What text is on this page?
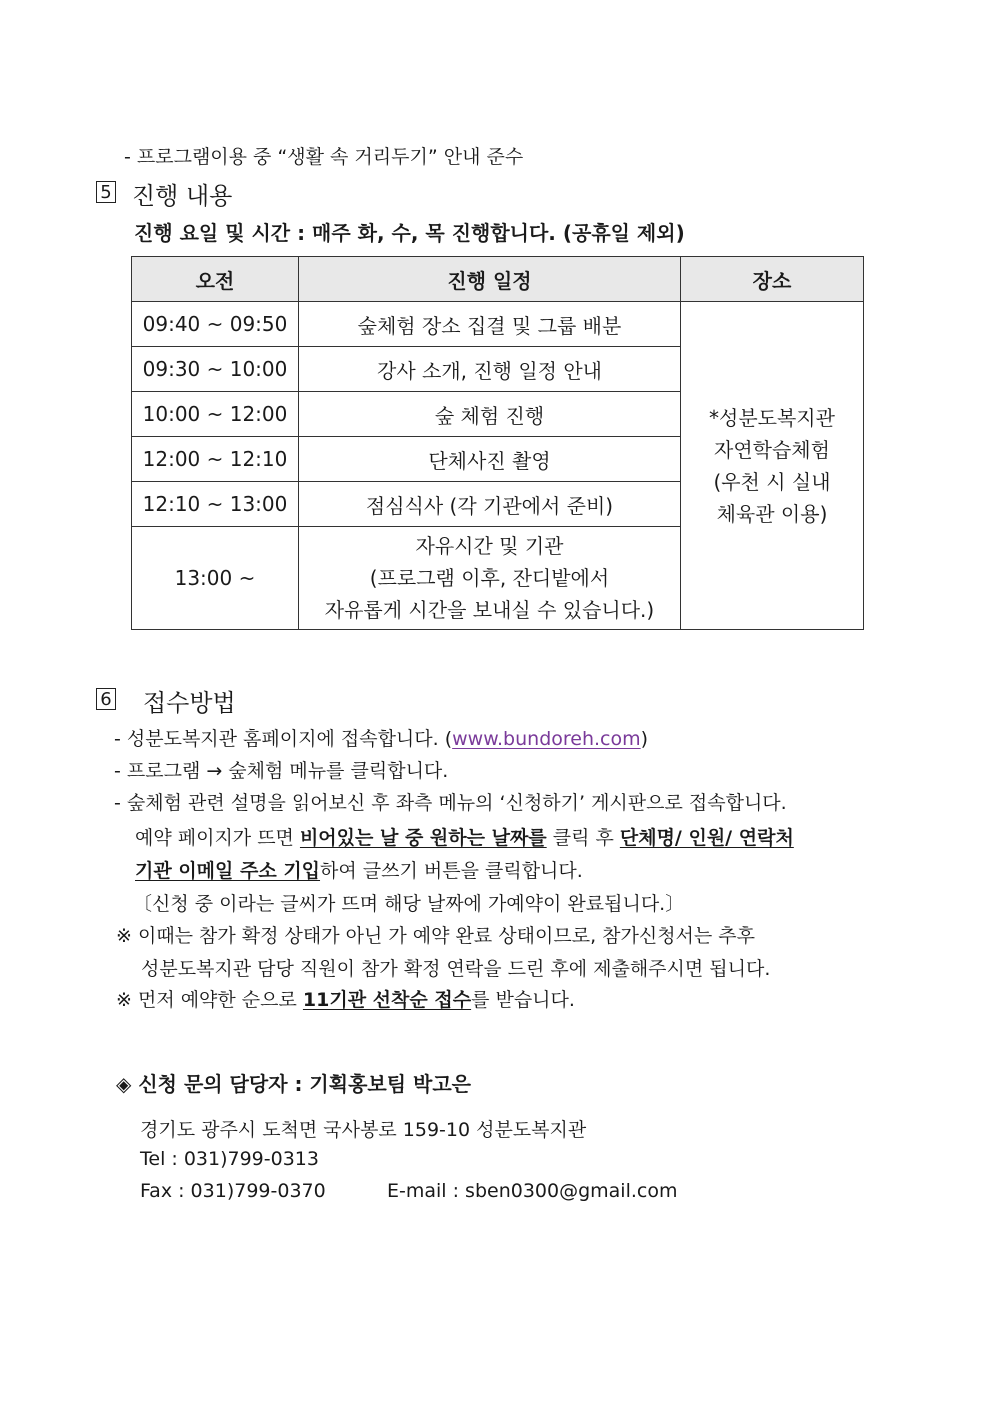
- 프로그램이용 중 “생활 속 거리두기” 안내 준수
5 진행 내용
진행 요일 및 시간 : 매주 화, 수, 목 진행합니다. (공휴일 제외)
오전	진행 일정	장소
09:40 ~ 09:50	숲체험 장소 집결 및 그룹 배분	*성분도복지관
자연학습체험
(우천 시 실내
체육관 이용)

09:30 ~ 10:00	강사 소개, 진행 일정 안내	
10:00 ~ 12:00	숲 체험 진행	
12:00 ~ 12:10	단체사진 촬영	
12:10 ~ 13:00	점심식사 (각 기관에서 준비)	
13:00 ~	자유시간 및 기관
(프로그램 이후, 잔디밭에서
자유롭게 시간을 보내실 수 있습니다.)	
6 접수방법
- 성분도복지관 홈페이지에 접속합니다. (www.bundoreh.com)
- 프로그램 → 숲체험 메뉴를 클릭합니다.
- 숲체험 관련 설명을 읽어보신 후 좌측 메뉴의 ‘신청하기’ 게시판으로 접속합니다.
예약 페이지가 뜨면 비어있는 날 중 원하는 날짜를 클릭 후 단체명/ 인원/ 연락처
기관 이메일 주소 기입하여 글쓰기 버튼을 클릭합니다.
〔신청 중 이라는 글씨가 뜨며 해당 날짜에 가예약이 완료됩니다.〕
※ 이때는 참가 확정 상태가 아닌 가 예약 완료 상태이므로, 참가신청서는 추후
성분도복지관 담당 직원이 참가 확정 연락을 드린 후에 제출해주시면 됩니다.
※ 먼저 예약한 순으로 11기관 선착순 접수를 받습니다.
◈ 신청 문의 담당자 : 기획홍보팀 박고은
경기도 광주시 도척면 국사봉로 159-10 성분도복지관
Tel : 031)799-0313
Fax : 031)799-0370	E-mail : sben0300@gmail.com
